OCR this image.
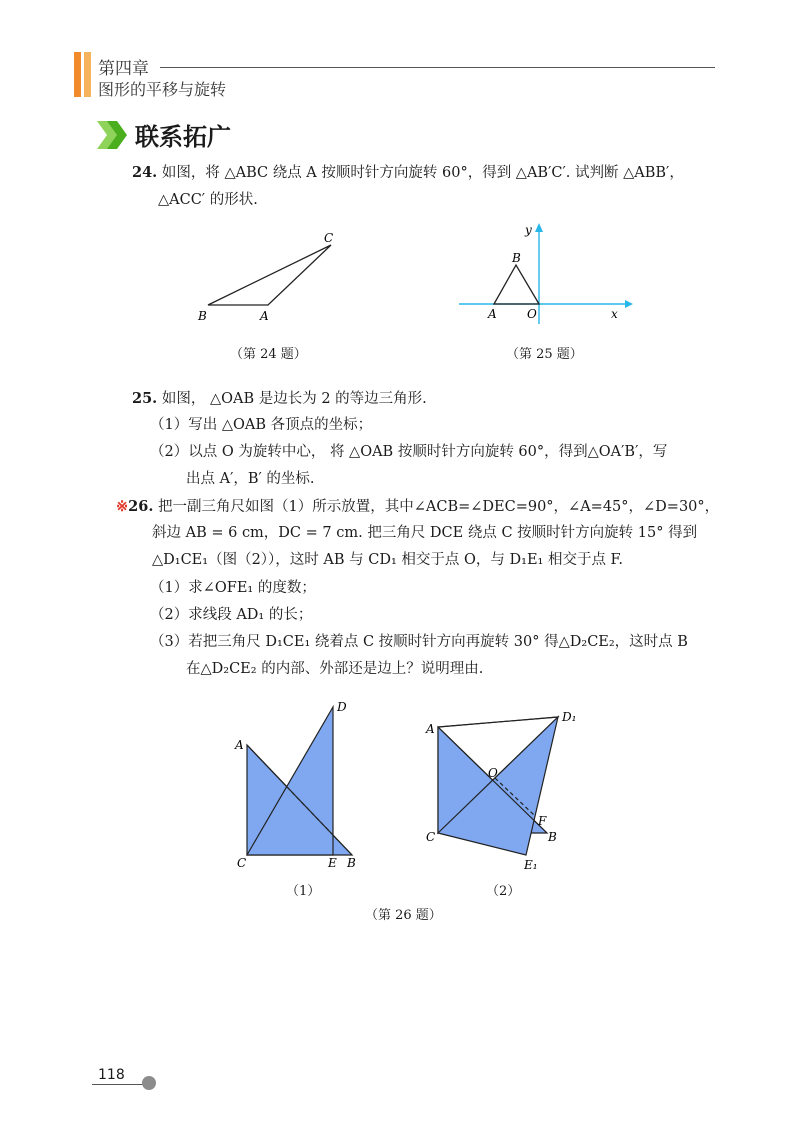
第四章
图形的平移与旋转
联系拓广
24. 如图，将 △ABC 绕点 A 按顺时针方向旋转 60°，得到 △AB′C′. 试判断 △ABB′，
△ACC′ 的形状.
C
B	A
（第 24 题）
B
A	O	x
y
（第 25 题）
25. 如图， △OAB 是边长为 2 的等边三角形.
（1）写出 △OAB 各顶点的坐标；
（2）以点 O 为旋转中心， 将 △OAB 按顺时针方向旋转 60°，得到△OA′B′，写
出点 A′，B′ 的坐标.
※26. 把一副三角尺如图（1）所示放置，其中∠ACB=∠DEC=90°，∠A=45°，∠D=30°，
斜边 AB = 6 cm，DC = 7 cm. 把三角尺 DCE 绕点 C 按顺时针方向旋转 15° 得到
△D₁CE₁（图（2）），这时 AB 与 CD₁ 相交于点 O，与 D₁E₁ 相交于点 F.
（1）求∠OFE₁ 的度数；
（2）求线段 AD₁ 的长；
（3）若把三角尺 D₁CE₁ 绕着点 C 按顺时针方向再旋转 30° 得△D₂CE₂，这时点 B
在△D₂CE₂ 的内部、外部还是边上？说明理由.
A
D
C	E B
（1）
A
D₁
O
F
B
C
E₁
（2）
（第 26 题）
118
